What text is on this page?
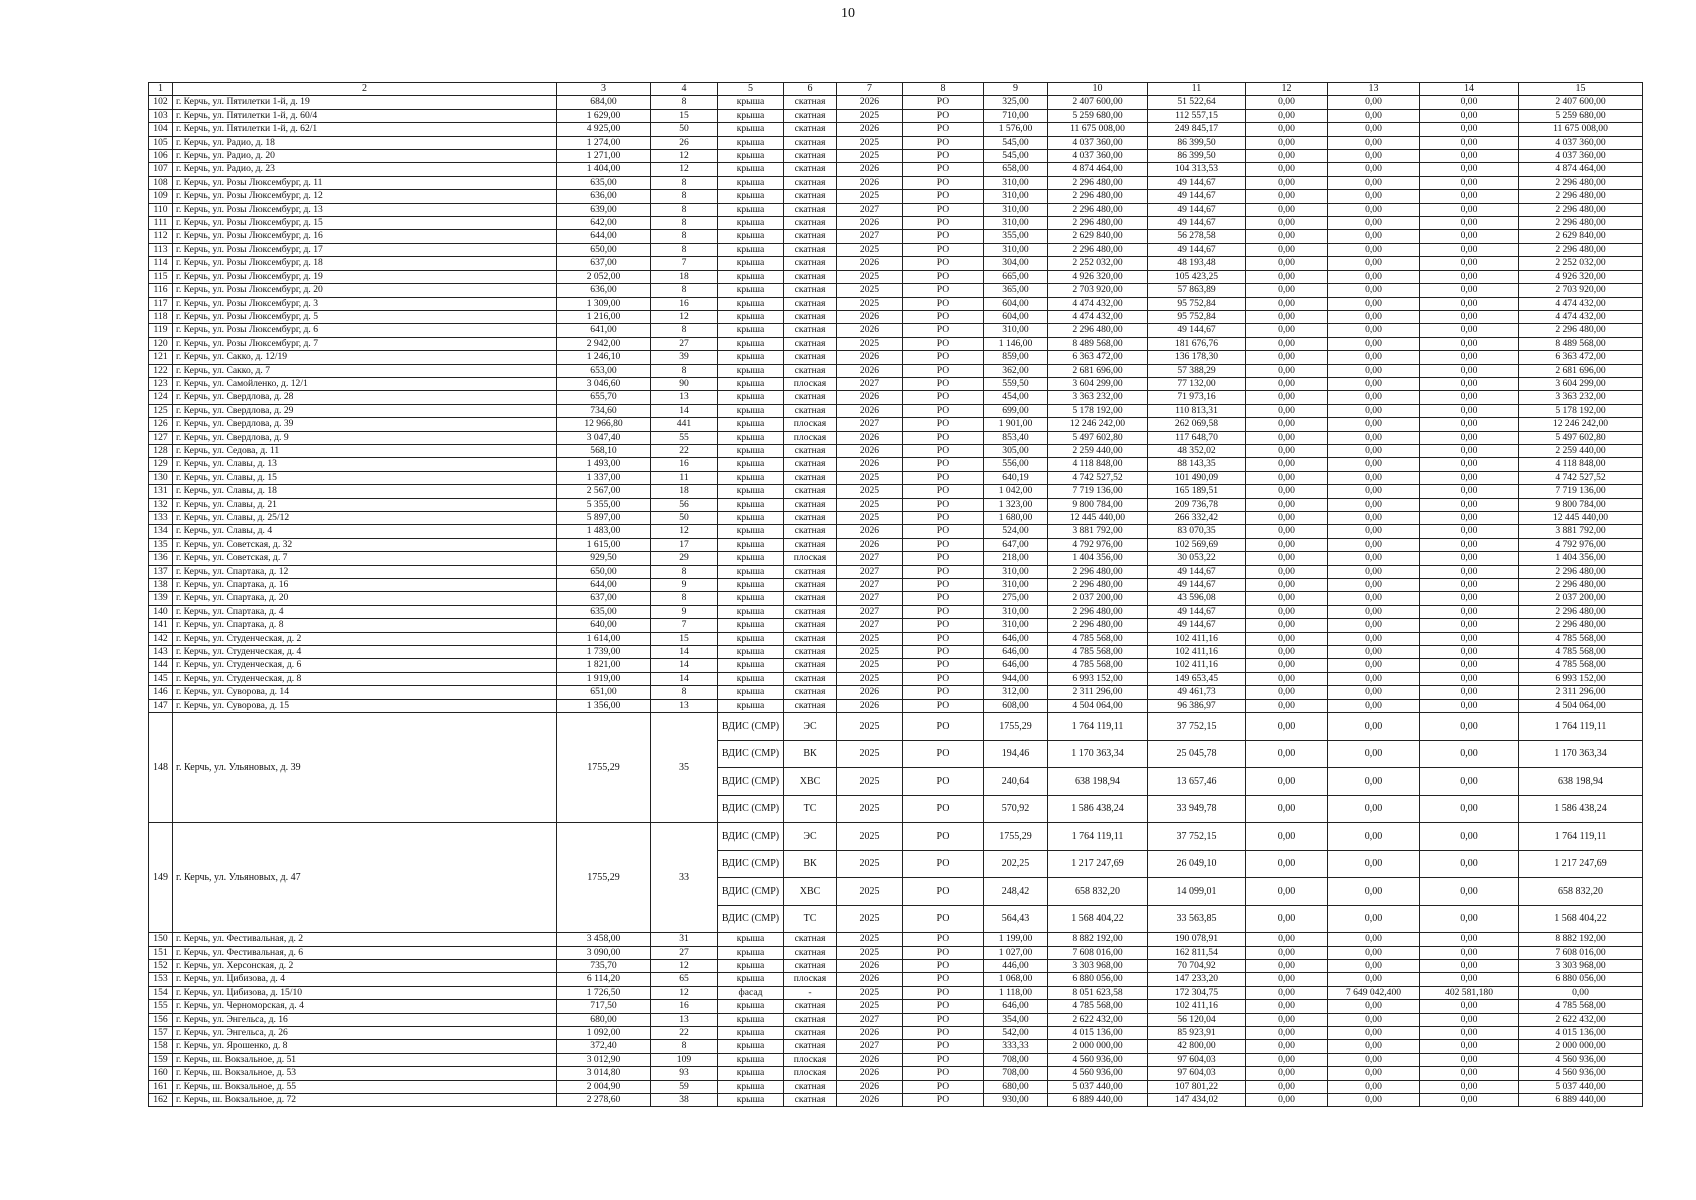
10
1	2	3	4	5	6	7	8	9	10	11	12	13	14	15
102	г. Керчь, ул. Пятилетки 1-й, д. 19	684,00	8	крыша	скатная	2026	РО	325,00	2 407 600,00	51 522,64	0,00	0,00	0,00	2 407 600,00
103	г. Керчь, ул. Пятилетки 1-й, д. 60/4	1 629,00	15	крыша	скатная	2025	РО	710,00	5 259 680,00	112 557,15	0,00	0,00	0,00	5 259 680,00
104	г. Керчь, ул. Пятилетки 1-й, д. 62/1	4 925,00	50	крыша	скатная	2026	РО	1 576,00	11 675 008,00	249 845,17	0,00	0,00	0,00	11 675 008,00
105	г. Керчь, ул. Радио, д. 18	1 274,00	26	крыша	скатная	2025	РО	545,00	4 037 360,00	86 399,50	0,00	0,00	0,00	4 037 360,00
106	г. Керчь, ул. Радио, д. 20	1 271,00	12	крыша	скатная	2025	РО	545,00	4 037 360,00	86 399,50	0,00	0,00	0,00	4 037 360,00
107	г. Керчь, ул. Радио, д. 23	1 404,00	12	крыша	скатная	2026	РО	658,00	4 874 464,00	104 313,53	0,00	0,00	0,00	4 874 464,00
108	г. Керчь, ул. Розы Люксембург, д. 11	635,00	8	крыша	скатная	2026	РО	310,00	2 296 480,00	49 144,67	0,00	0,00	0,00	2 296 480,00
109	г. Керчь, ул. Розы Люксембург, д. 12	636,00	8	крыша	скатная	2025	РО	310,00	2 296 480,00	49 144,67	0,00	0,00	0,00	2 296 480,00
110	г. Керчь, ул. Розы Люксембург, д. 13	639,00	8	крыша	скатная	2027	РО	310,00	2 296 480,00	49 144,67	0,00	0,00	0,00	2 296 480,00
111	г. Керчь, ул. Розы Люксембург, д. 15	642,00	8	крыша	скатная	2026	РО	310,00	2 296 480,00	49 144,67	0,00	0,00	0,00	2 296 480,00
112	г. Керчь, ул. Розы Люксембург, д. 16	644,00	8	крыша	скатная	2027	РО	355,00	2 629 840,00	56 278,58	0,00	0,00	0,00	2 629 840,00
113	г. Керчь, ул. Розы Люксембург, д. 17	650,00	8	крыша	скатная	2025	РО	310,00	2 296 480,00	49 144,67	0,00	0,00	0,00	2 296 480,00
114	г. Керчь, ул. Розы Люксембург, д. 18	637,00	7	крыша	скатная	2026	РО	304,00	2 252 032,00	48 193,48	0,00	0,00	0,00	2 252 032,00
115	г. Керчь, ул. Розы Люксембург, д. 19	2 052,00	18	крыша	скатная	2025	РО	665,00	4 926 320,00	105 423,25	0,00	0,00	0,00	4 926 320,00
116	г. Керчь, ул. Розы Люксембург, д. 20	636,00	8	крыша	скатная	2025	РО	365,00	2 703 920,00	57 863,89	0,00	0,00	0,00	2 703 920,00
117	г. Керчь, ул. Розы Люксембург, д. 3	1 309,00	16	крыша	скатная	2025	РО	604,00	4 474 432,00	95 752,84	0,00	0,00	0,00	4 474 432,00
118	г. Керчь, ул. Розы Люксембург, д. 5	1 216,00	12	крыша	скатная	2026	РО	604,00	4 474 432,00	95 752,84	0,00	0,00	0,00	4 474 432,00
119	г. Керчь, ул. Розы Люксембург, д. 6	641,00	8	крыша	скатная	2026	РО	310,00	2 296 480,00	49 144,67	0,00	0,00	0,00	2 296 480,00
120	г. Керчь, ул. Розы Люксембург, д. 7	2 942,00	27	крыша	скатная	2025	РО	1 146,00	8 489 568,00	181 676,76	0,00	0,00	0,00	8 489 568,00
121	г. Керчь, ул. Сакко, д. 12/19	1 246,10	39	крыша	скатная	2026	РО	859,00	6 363 472,00	136 178,30	0,00	0,00	0,00	6 363 472,00
122	г. Керчь, ул. Сакко, д. 7	653,00	8	крыша	скатная	2026	РО	362,00	2 681 696,00	57 388,29	0,00	0,00	0,00	2 681 696,00
123	г. Керчь, ул. Самойленко, д. 12/1	3 046,60	90	крыша	плоская	2027	РО	559,50	3 604 299,00	77 132,00	0,00	0,00	0,00	3 604 299,00
124	г. Керчь, ул. Свердлова, д. 28	655,70	13	крыша	скатная	2026	РО	454,00	3 363 232,00	71 973,16	0,00	0,00	0,00	3 363 232,00
125	г. Керчь, ул. Свердлова, д. 29	734,60	14	крыша	скатная	2026	РО	699,00	5 178 192,00	110 813,31	0,00	0,00	0,00	5 178 192,00
126	г. Керчь, ул. Свердлова, д. 39	12 966,80	441	крыша	плоская	2027	РО	1 901,00	12 246 242,00	262 069,58	0,00	0,00	0,00	12 246 242,00
127	г. Керчь, ул. Свердлова, д. 9	3 047,40	55	крыша	плоская	2026	РО	853,40	5 497 602,80	117 648,70	0,00	0,00	0,00	5 497 602,80
128	г. Керчь, ул. Седова, д. 11	568,10	22	крыша	скатная	2026	РО	305,00	2 259 440,00	48 352,02	0,00	0,00	0,00	2 259 440,00
129	г. Керчь, ул. Славы, д. 13	1 493,00	16	крыша	скатная	2026	РО	556,00	4 118 848,00	88 143,35	0,00	0,00	0,00	4 118 848,00
130	г. Керчь, ул. Славы, д. 15	1 337,00	11	крыша	скатная	2025	РО	640,19	4 742 527,52	101 490,09	0,00	0,00	0,00	4 742 527,52
131	г. Керчь, ул. Славы, д. 18	2 567,00	18	крыша	скатная	2025	РО	1 042,00	7 719 136,00	165 189,51	0,00	0,00	0,00	7 719 136,00
132	г. Керчь, ул. Славы, д. 21	5 355,00	56	крыша	скатная	2025	РО	1 323,00	9 800 784,00	209 736,78	0,00	0,00	0,00	9 800 784,00
133	г. Керчь, ул. Славы, д. 25/12	5 897,00	50	крыша	скатная	2025	РО	1 680,00	12 445 440,00	266 332,42	0,00	0,00	0,00	12 445 440,00
134	г. Керчь, ул. Славы, д. 4	1 483,00	12	крыша	скатная	2026	РО	524,00	3 881 792,00	83 070,35	0,00	0,00	0,00	3 881 792,00
135	г. Керчь, ул. Советская, д. 32	1 615,00	17	крыша	скатная	2026	РО	647,00	4 792 976,00	102 569,69	0,00	0,00	0,00	4 792 976,00
136	г. Керчь, ул. Советская, д. 7	929,50	29	крыша	плоская	2027	РО	218,00	1 404 356,00	30 053,22	0,00	0,00	0,00	1 404 356,00
137	г. Керчь, ул. Спартака, д. 12	650,00	8	крыша	скатная	2027	РО	310,00	2 296 480,00	49 144,67	0,00	0,00	0,00	2 296 480,00
138	г. Керчь, ул. Спартака, д. 16	644,00	9	крыша	скатная	2027	РО	310,00	2 296 480,00	49 144,67	0,00	0,00	0,00	2 296 480,00
139	г. Керчь, ул. Спартака, д. 20	637,00	8	крыша	скатная	2027	РО	275,00	2 037 200,00	43 596,08	0,00	0,00	0,00	2 037 200,00
140	г. Керчь, ул. Спартака, д. 4	635,00	9	крыша	скатная	2027	РО	310,00	2 296 480,00	49 144,67	0,00	0,00	0,00	2 296 480,00
141	г. Керчь, ул. Спартака, д. 8	640,00	7	крыша	скатная	2027	РО	310,00	2 296 480,00	49 144,67	0,00	0,00	0,00	2 296 480,00
142	г. Керчь, ул. Студенческая, д. 2	1 614,00	15	крыша	скатная	2025	РО	646,00	4 785 568,00	102 411,16	0,00	0,00	0,00	4 785 568,00
143	г. Керчь, ул. Студенческая, д. 4	1 739,00	14	крыша	скатная	2025	РО	646,00	4 785 568,00	102 411,16	0,00	0,00	0,00	4 785 568,00
144	г. Керчь, ул. Студенческая, д. 6	1 821,00	14	крыша	скатная	2025	РО	646,00	4 785 568,00	102 411,16	0,00	0,00	0,00	4 785 568,00
145	г. Керчь, ул. Студенческая, д. 8	1 919,00	14	крыша	скатная	2025	РО	944,00	6 993 152,00	149 653,45	0,00	0,00	0,00	6 993 152,00
146	г. Керчь, ул. Суворова, д. 14	651,00	8	крыша	скатная	2026	РО	312,00	2 311 296,00	49 461,73	0,00	0,00	0,00	2 311 296,00
147	г. Керчь, ул. Суворова, д. 15	1 356,00	13	крыша	скатная	2026	РО	608,00	4 504 064,00	96 386,97	0,00	0,00	0,00	4 504 064,00
148	г. Керчь, ул. Ульяновых, д. 39	1755,29	35	ВДИС (СМР)	ЭС	2025	РО	1755,29	1 764 119,11	37 752,15	0,00	0,00	0,00	1 764 119,11
				ВДИС (СМР)	ВК	2025	РО	194,46	1 170 363,34	25 045,78	0,00	0,00	0,00	1 170 363,34
				ВДИС (СМР)	ХВС	2025	РО	240,64	638 198,94	13 657,46	0,00	0,00	0,00	638 198,94
				ВДИС (СМР)	ТС	2025	РО	570,92	1 586 438,24	33 949,78	0,00	0,00	0,00	1 586 438,24
149	г. Керчь, ул. Ульяновых, д. 47	1755,29	33	ВДИС (СМР)	ЭС	2025	РО	1755,29	1 764 119,11	37 752,15	0,00	0,00	0,00	1 764 119,11
				ВДИС (СМР)	ВК	2025	РО	202,25	1 217 247,69	26 049,10	0,00	0,00	0,00	1 217 247,69
				ВДИС (СМР)	ХВС	2025	РО	248,42	658 832,20	14 099,01	0,00	0,00	0,00	658 832,20
				ВДИС (СМР)	ТС	2025	РО	564,43	1 568 404,22	33 563,85	0,00	0,00	0,00	1 568 404,22
150	г. Керчь, ул. Фестивальная, д. 2	3 458,00	31	крыша	скатная	2025	РО	1 199,00	8 882 192,00	190 078,91	0,00	0,00	0,00	8 882 192,00
151	г. Керчь, ул. Фестивальная, д. 6	3 090,00	27	крыша	скатная	2025	РО	1 027,00	7 608 016,00	162 811,54	0,00	0,00	0,00	7 608 016,00
152	г. Керчь, ул. Херсонская, д. 2	735,70	12	крыша	скатная	2026	РО	446,00	3 303 968,00	70 704,92	0,00	0,00	0,00	3 303 968,00
153	г. Керчь, ул. Цибизова, д. 4	6 114,20	65	крыша	плоская	2026	РО	1 068,00	6 880 056,00	147 233,20	0,00	0,00	0,00	6 880 056,00
154	г. Керчь, ул. Цибизова, д. 15/10	1 726,50	12	фасад	-	2025	РО	1 118,00	8 051 623,58	172 304,75	0,00	7 649 042,400	402 581,180	0,00
155	г. Керчь, ул. Черноморская, д. 4	717,50	16	крыша	скатная	2025	РО	646,00	4 785 568,00	102 411,16	0,00	0,00	0,00	4 785 568,00
156	г. Керчь, ул. Энгельса, д. 16	680,00	13	крыша	скатная	2027	РО	354,00	2 622 432,00	56 120,04	0,00	0,00	0,00	2 622 432,00
157	г. Керчь, ул. Энгельса, д. 26	1 092,00	22	крыша	скатная	2026	РО	542,00	4 015 136,00	85 923,91	0,00	0,00	0,00	4 015 136,00
158	г. Керчь, ул. Ярошенко, д. 8	372,40	8	крыша	скатная	2027	РО	333,33	2 000 000,00	42 800,00	0,00	0,00	0,00	2 000 000,00
159	г. Керчь, ш. Вокзальное, д. 51	3 012,90	109	крыша	плоская	2026	РО	708,00	4 560 936,00	97 604,03	0,00	0,00	0,00	4 560 936,00
160	г. Керчь, ш. Вокзальное, д. 53	3 014,80	93	крыша	плоская	2026	РО	708,00	4 560 936,00	97 604,03	0,00	0,00	0,00	4 560 936,00
161	г. Керчь, ш. Вокзальное, д. 55	2 004,90	59	крыша	скатная	2026	РО	680,00	5 037 440,00	107 801,22	0,00	0,00	0,00	5 037 440,00
162	г. Керчь, ш. Вокзальное, д. 72	2 278,60	38	крыша	скатная	2026	РО	930,00	6 889 440,00	147 434,02	0,00	0,00	0,00	6 889 440,00
